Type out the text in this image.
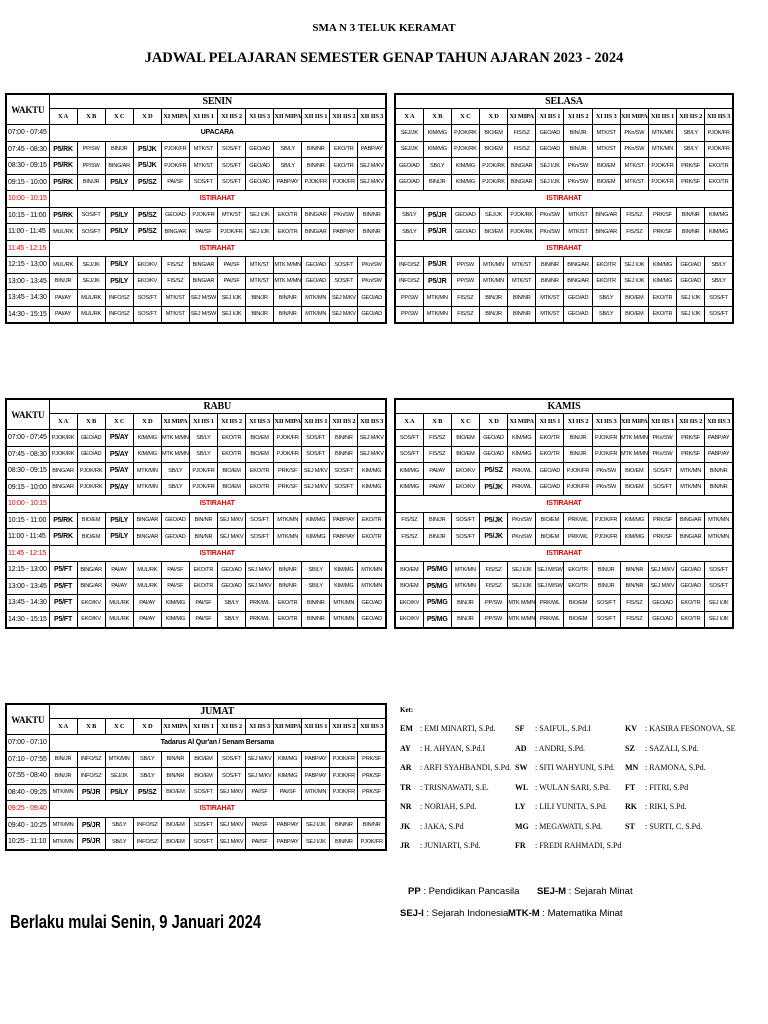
SMA N 3 TELUK KERAMAT
JADWAL PELAJARAN SEMESTER GENAP TAHUN AJARAN 2023 - 2024
WAKTU	SENIN											
	X A	X B	X C	X D	XI MIPA	XI IIS 1	XI IIS 2	XI IIS 3	XII MIPA	XII IIS 1	XII IIS 2	XII IIS 3
07:00 - 07:45	UPACARA											
07:45 - 08:30	P5/RK	PP/SW	BIN/JR	P5/JK	PJOK/FR	MTK/ST	SOS/FT	GEO/AD	SB/LY	BIN/NR	EKO/TR	PABP/AY
08:30 - 09:15	P5/RK	PP/SW	BING/AR	P5/JK	PJOK/FR	MTK/ST	SOS/FT	GEO/AD	SB/LY	BIN/NR	EKO/TR	SEJ M/KV
09:15 - 10:00	P5/RK	BIN/JR	P5/LY	P5/SZ	PAI/SF	SOS/FT	SOS/FT	GEO/AD	PABP/AY	PJOK/FR	PJOK/FR	SEJ M/KV
10:00 - 10:15	ISTIRAHAT											
10:15 - 11:00	P5/RK	SOS/FT	P5/LY	P5/SZ	GEO/AD	PJOK/FR	MTK/ST	SEJ I/JK	EKO/TR	BING/AR	PKn/SW	BIN/NR
11:00 - 11:45	MUL/RK	SOS/FT	P5/LY	P5/SZ	BING/AR	PAI/SF	PJOK/FR	SEJ I/JK	EKO/TR	BING/AR	PABP/AY	BIN/NR
11:45 - 12:15	ISTIRAHAT											
12:15 - 13:00	MUL/RK	SEJ/JK	P5/LY	EKO/KV	FIS/SZ	BING/AR	PAI/SF	MTK/ST	MTK M/MN	GEO/AD	SOS/FT	PKn/SW
13:00 - 13:45	BIN/JR	SEJ/JK	P5/LY	EKO/KV	FIS/SZ	BING/AR	PAI/SF	MTK/ST	MTK M/MN	GEO/AD	SOS/FT	PKn/SW
13:45 - 14:30	PAI/AY	MUL/RK	INFO/SZ	SOS/FT	MTK/ST	SEJ M/SW	SEJ I/JK	BIN/JR	BIN/NR	MTK/MN	SEJ M/KV	GEO/AD
14:30 - 15:15	PAI/AY	MUL/RK	INFO/SZ	SOS/FT	MTK/ST	SEJ M/SW	SEJ I/JK	BIN/JR	BIN/NR	MTK/MN	SEJ M/KV	GEO/AD
SELASA											
X A	X B	X C	X D	XI MIPA	XI IIS 1	XI IIS 2	XI IIS 3	XII MIPA	XII IIS 1	XII IIS 2	XII IIS 3
SEJ/JK	KIM/MG	PJOK/RK	BIO/EM	FIS/SZ	GEO/AD	BIN/JR	MTK/ST	PKn/SW	MTK/MN	SB/LY	PJOK/FR
SEJ/JK	KIM/MG	PJOK/RK	BIO/EM	FIS/SZ	GEO/AD	BIN/JR	MTK/ST	PKn/SW	MTK/MN	SB/LY	PJOK/FR
GEO/AD	SB/LY	KIM/MG	PJOK/RK	BING/AR	SEJ I/JK	PKn/SW	BIO/EM	MTK/ST	PJOK/FR	PRK/SF	EKO/TR
GEO/AD	BIN/JR	KIM/MG	PJOK/RK	BING/AR	SEJ I/JK	PKn/SW	BIO/EM	MTK/ST	PJOK/FR	PRK/SF	EKO/TR
ISTIRAHAT											
SB/LY	P5/JR	GEO/AD	SEJ/JK	PJOK/RK	PKn/SW	MTK/ST	BING/AR	FIS/SZ	PRK/SF	BIN/NR	KIM/MG
SB/LY	P5/JR	GEO/AD	BIO/EM	PJOK/RK	PKn/SW	MTK/ST	BING/AR	FIS/SZ	PRK/SF	BIN/NR	KIM/MG
ISTIRAHAT											
INFO/SZ	P5/JR	PP/SW	MTK/MN	MTK/ST	BIN/NR	BING/AR	EKO/TR	SEJ I/JK	KIM/MG	GEO/AD	SB/LY
INFO/SZ	P5/JR	PP/SW	MTK/MN	MTK/ST	BIN/NR	BING/AR	EKO/TR	SEJ I/JK	KIM/MG	GEO/AD	SB/LY
PP/SW	MTK/MN	FIS/SZ	BIN/JR	BIN/NR	MTK/ST	GEO/AD	SB/LY	BIO/EM	EKO/TR	SEJ I/JK	SOS/FT
PP/SW	MTK/MN	FIS/SZ	BIN/JR	BIN/NR	MTK/ST	GEO/AD	SB/LY	BIO/EM	EKO/TR	SEJ I/JK	SOS/FT
WAKTU	RABU											
	X A	X B	X C	X D	XI MIPA	XI IIS 1	XI IIS 2	XI IIS 3	XII MIPA	XII IIS 1	XII IIS 2	XII IIS 3
07:00 - 07:45	PJOK/RK	GEO/AD	P5/AY	KIM/MG	MTK M/MN	SB/LY	EKO/TR	BIO/EM	PJOK/FR	SOS/FT	BIN/NR	SEJ M/KV
07:45 - 08:30	PJOK/RK	GEO/AD	P5/AY	KIM/MG	MTK M/MN	SB/LY	EKO/TR	BIO/EM	PJOK/FR	SOS/FT	BIN/NR	SEJ M/KV
08:30 - 09:15	BING/AR	PJOK/RK	P5/AY	MTK/MN	SB/LY	PJOK/FR	BIO/EM	EKO/TR	PRK/SF	SEJ M/KV	SOS/FT	KIM/MG
09:15 - 10:00	BING/AR	PJOK/RK	P5/AY	MTK/MN	SB/LY	PJOK/FR	BIO/EM	EKO/TR	PRK/SF	SEJ M/KV	SOS/FT	KIM/MG
10:00 - 10:15	ISTIRAHAT											
10:15 - 11:00	P5/RK	BIO/EM	P5/LY	BING/AR	GEO/AD	BIN/NR	SEJ M/KV	SOS/FT	MTK/MN	KIM/MG	PABP/AY	EKO/TR
11:00 - 11:45	P5/RK	BIO/EM	P5/LY	BING/AR	GEO/AD	BIN/NR	SEJ M/KV	SOS/FT	MTK/MN	KIM/MG	PABP/AY	EKO/TR
11:45 - 12:15	ISTIRAHAT											
12:15 - 13:00	P5/FT	BING/AR	PAI/AY	MUL/RK	PAI/SF	EKO/TR	GEO/AD	SEJ M/KV	BIN/NR	SB/LY	KIM/MG	MTK/MN
13:00 - 13:45	P5/FT	BING/AR	PAI/AY	MUL/RK	PAI/SF	EKO/TR	GEO/AD	SEJ M/KV	BIN/NR	SB/LY	KIM/MG	MTK/MN
13:45 - 14:30	P5/FT	EKO/KV	MUL/RK	PAI/AY	KIM/MG	PAI/SF	SB/LY	PRK/WL	EKO/TR	BIN/NR	MTK/MN	GEO/AD
14:30 - 15:15	P5/FT	EKO/KV	MUL/RK	PAI/AY	KIM/MG	PAI/SF	SB/LY	PRK/WL	EKO/TR	BIN/NR	MTK/MN	GEO/AD
KAMIS											
X A	X B	X C	X D	XI MIPA	XI IIS 1	XI IIS 2	XI IIS 3	XII MIPA	XII IIS 1	XII IIS 2	XII IIS 3
SOS/FT	FIS/SZ	BIO/EM	GEO/AD	KIM/MG	EKO/TR	BIN/JR	PJOK/FR	MTK M/MN	PKn/SW	PRK/SF	PABP/AY
SOS/FT	FIS/SZ	BIO/EM	GEO/AD	KIM/MG	EKO/TR	BIN/JR	PJOK/FR	MTK M/MN	PKn/SW	PRK/SF	PABP/AY
KIM/MG	PAI/AY	EKO/KV	P5/SZ	PRK/WL	GEO/AD	PJOK/FR	PKn/SW	BIO/EM	SOS/FT	MTK/MN	BIN/NR
KIM/MG	PAI/AY	EKO/KV	P5/JK	PRK/WL	GEO/AD	PJOK/FR	PKn/SW	BIO/EM	SOS/FT	MTK/MN	BIN/NR
ISTIRAHAT											
FIS/SZ	BIN/JR	SOS/FT	P5/JK	PKn/SW	BIO/EM	PRK/WL	PJOK/FR	KIM/MG	PRK/SF	BING/AR	MTK/MN
FIS/SZ	BIN/JR	SOS/FT	P5/JK	PKn/SW	BIO/EM	PRK/WL	PJOK/FR	KIM/MG	PRK/SF	BING/AR	MTK/MN
ISTIRAHAT											
BIO/EM	P5/MG	MTK/MN	FIS/SZ	SEJ I/JK	SEJ M/SW	EKO/TR	BIN/JR	BIN/NR	SEJ M/KV	GEO/AD	SOS/FT
BIO/EM	P5/MG	MTK/MN	FIS/SZ	SEJ I/JK	SEJ M/SW	EKO/TR	BIN/JR	BIN/NR	SEJ M/KV	GEO/AD	SOS/FT
EKO/KV	P5/MG	BIN/JR	PP/SW	MTK M/MN	PRK/WL	BIO/EM	SOS/FT	FIS/SZ	GEO/AD	EKO/TR	SEJ I/JK
EKO/KV	P5/MG	BIN/JR	PP/SW	MTK M/MN	PRK/WL	BIO/EM	SOS/FT	FIS/SZ	GEO/AD	EKO/TR	SEJ I/JK
WAKTU	JUMAT											
	X A	X B	X C	X D	XI MIPA	XI IIS 1	XI IIS 2	XI IIS 3	XII MIPA	XII IIS 1	XII IIS 2	XII IIS 3
07:00 - 07:10	Tadarus Al Qur'an / Senam Bersama											
07:10 - 07:55	BIN/JR	INFO/SZ	MTK/MN	SB/LY	BIN/NR	BIO/EM	SOS/FT	SEJ M/KV	KIM/MG	PABP/AY	PJOK/FR	PRK/SF
07:55 - 08:40	BIN/JR	INFO/SZ	SEJ/JK	SB/LY	BIN/NR	BIO/EM	SOS/FT	SEJ M/KV	KIM/MG	PABP/AY	PJOK/FR	PRK/SF
08:40 - 09:25	MTK/MN	P5/JR	P5/LY	P5/SZ	BIO/EM	SOS/FT	SEJ M/KV	PAI/SF	PAI/SF	MTK/MN	PJOK/FR	PRK/SF
09:25 - 09:40	ISTIRAHAT											
09:40 - 10:25	MTK/MN	P5/JR	SB/LY	INFO/SZ	BIO/EM	SOS/FT	SEJ M/KV	PAI/SF	PABP/AY	SEJ I/JK	BIN/NR	BIN/NR
10:25 - 11:10	MTK/MN	P5/JR	SB/LY	INFO/SZ	BIO/EM	SOS/FT	SEJ M/KV	PAI/SF	PABP/AY	SEJ I/JK	BIN/NR	PJOK/FR
Ket:
EM : EMI MINARTI, S.Pd.
AY : H. AHYAN, S.Pd.I
AR : ARFI SYAHBANDI, S.Pd.
TR : TRISNAWATI, S.E.
NR : NORIAH, S.Pd.
JK : JAKA, S.Pd
JR : JUNIARTI, S.Pd.
SF : SAIFUL, S.Pd.I
AD : ANDRI, S.Pd.
SW : SITI WAHYUNI, S.Pd.
WL : WULAN SARI, S.Pd.
LY : LILI YUNITA, S.Pd.
MG : MEGAWATI, S.Pd.
FR : FREDI RAHMADI, S.Pd
KV : KASIRA FESONOVA, SE
SZ : SAZALI, S.Pd.
MN : RAMONA, S.Pd.
FT : FITRI, S.Pd
RK : RIKI, S.Pd.
ST : SURTI, C. S.Pd.
PP : Pendidikan Pancasila SEJ-M : Sejarah Minat
SEJ-I : Sejarah Indonesia MTK-M : Matematika Minat
Berlaku mulai Senin, 9 Januari 2024
